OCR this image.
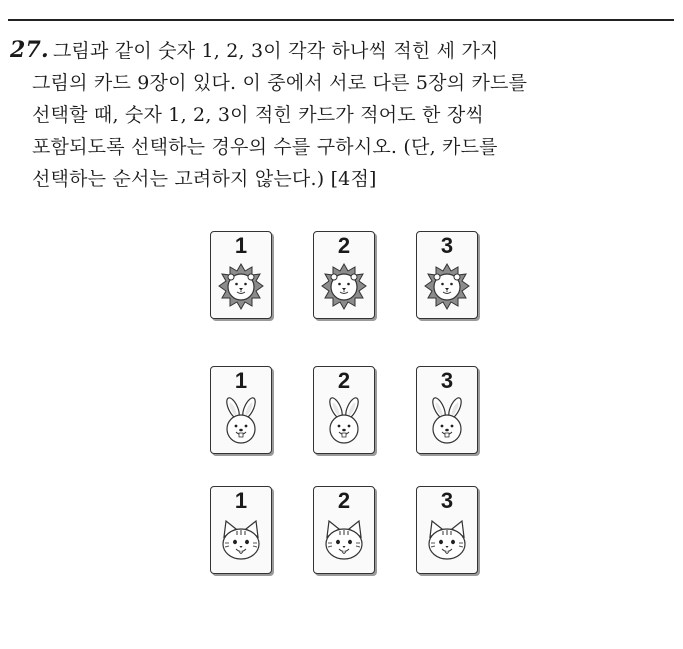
27. 그림과 같이 숫자 1, 2, 3이 각각 하나씩 적힌 세 가지
그림의 카드 9장이 있다. 이 중에서 서로 다른 5장의 카드를
선택할 때, 숫자 1, 2, 3이 적힌 카드가 적어도 한 장씩
포함되도록 선택하는 경우의 수를 구하시오. (단, 카드를
선택하는 순서는 고려하지 않는다.) [4점]
1	2	3
1	2	3
1	2	3
